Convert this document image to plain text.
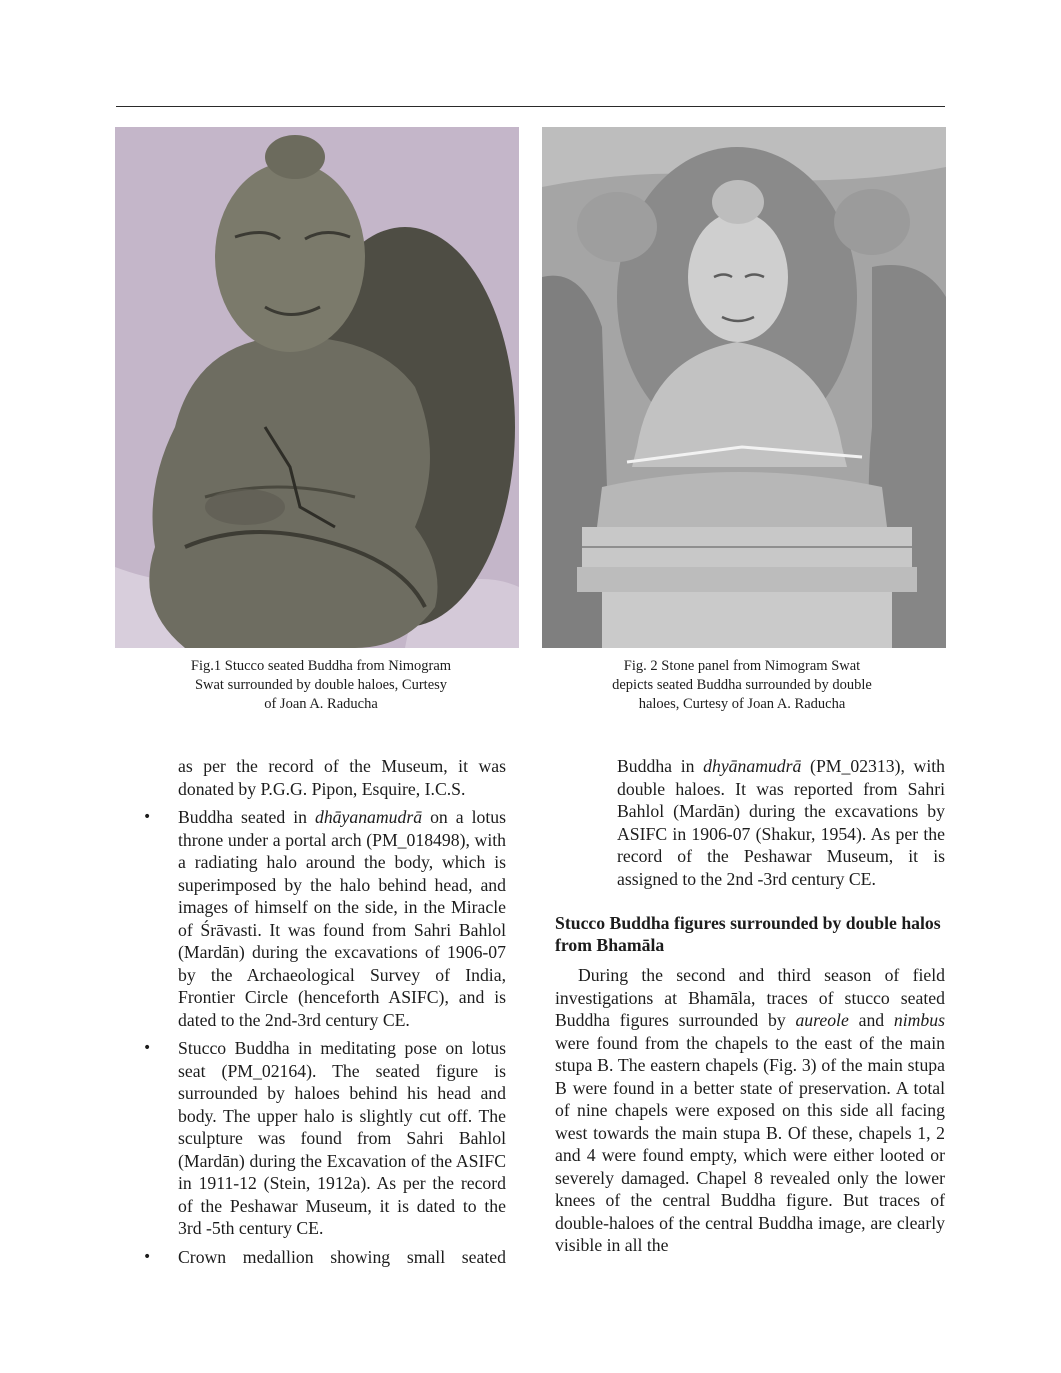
Fig.1 Stucco seated Buddha from Nimogram
Swat surrounded by double haloes, Curtesy
of Joan A. Raducha
Fig. 2 Stone panel from Nimogram Swat
depicts seated Buddha surrounded by double
haloes, Curtesy of Joan A. Raducha

as per the record of the Museum, it was donated by P.G.G. Pipon, Esquire, I.C.S.

• Buddha seated in dhāyanamudrā on a lotus throne under a portal arch (PM_018498), with a radiating halo around the body, which is superimposed by the halo behind head, and images of himself on the side, in the Miracle of Śrāvasti. It was found from Sahri Bahlol (Mardān) during the excavations of 1906-07 by the Archaeological Survey of India, Frontier Circle (henceforth ASIFC), and is dated to the 2nd-3rd century CE.
• Stucco Buddha in meditating pose on lotus seat (PM_02164). The seated figure is surrounded by haloes behind his head and body. The upper halo is slightly cut off. The sculpture was found from Sahri Bahlol (Mardān) during the Excavation of the ASIFC in 1911-12 (Stein, 1912a). As per the record of the Peshawar Museum, it is dated to the 3rd -5th century CE.
• Crown medallion showing small seated

Buddha in dhyānamudrā (PM_02313), with double haloes. It was reported from Sahri Bahlol (Mardān) during the excavations by ASIFC in 1906-07 (Shakur, 1954). As per the record of the Peshawar Museum, it is assigned to the 2nd -3rd century CE.

Stucco Buddha figures surrounded by double halos from Bhamāla

During the second and third season of field investigations at Bhamāla, traces of stucco seated Buddha figures surrounded by aureole and nimbus were found from the chapels to the east of the main stupa B. The eastern chapels (Fig. 3) of the main stupa B were found in a better state of preservation. A total of nine chapels were exposed on this side all facing west towards the main stupa B. Of these, chapels 1, 2 and 4 were found empty, which were either looted or severely damaged. Chapel 8 revealed only the lower knees of the central Buddha figure. But traces of double-haloes of the central Buddha image, are clearly visible in all the
